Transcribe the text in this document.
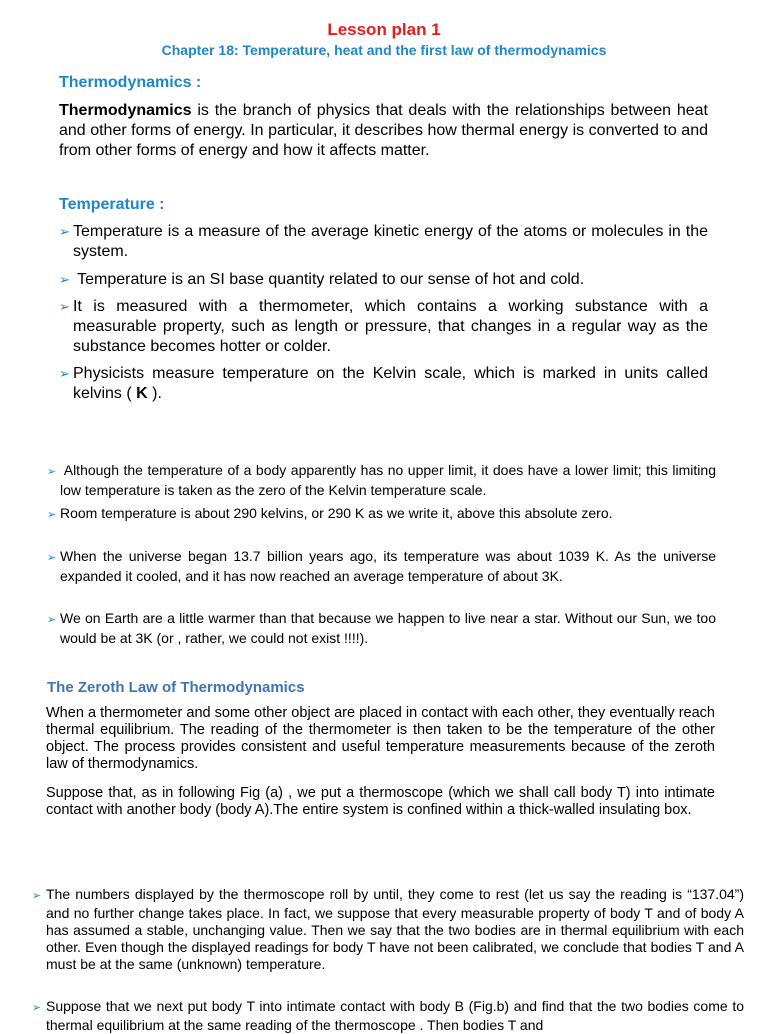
Lesson plan 1
Chapter 18: Temperature, heat and the first law of thermodynamics
Thermodynamics :
Thermodynamics is the branch of physics that deals with the relationships between heat and other forms of energy. In particular, it describes how thermal energy is converted to and from other forms of energy and how it affects matter.
Temperature :
➢ Temperature is a measure of the average kinetic energy of the atoms or molecules in the system.
➢ Temperature is an SI base quantity related to our sense of hot and cold.
➢ It is measured with a thermometer, which contains a working substance with a measurable property, such as length or pressure, that changes in a regular way as the substance becomes hotter or colder.
➢ Physicists measure temperature on the Kelvin scale, which is marked in units called kelvins ( K ).
➢ Although the temperature of a body apparently has no upper limit, it does have a lower limit; this limiting low temperature is taken as the zero of the Kelvin temperature scale.
➢ Room temperature is about 290 kelvins, or 290 K as we write it, above this absolute zero.
➢ When the universe began 13.7 billion years ago, its temperature was about 1039 K. As the universe expanded it cooled, and it has now reached an average temperature of about 3K.
➢ We on Earth are a little warmer than that because we happen to live near a star. Without our Sun, we too would be at 3K (or , rather, we could not exist !!!!).
The Zeroth Law of Thermodynamics
When a thermometer and some other object are placed in contact with each other, they eventually reach thermal equilibrium. The reading of the thermometer is then taken to be the temperature of the other object. The process provides consistent and useful temperature measurements because of the zeroth law of thermodynamics.
Suppose that, as in following Fig (a) , we put a thermoscope (which we shall call body T) into intimate contact with another body (body A).The entire system is confined within a thick-walled insulating box.
➢ The numbers displayed by the thermoscope roll by until, they come to rest (let us say the reading is “137.04”) and no further change takes place. In fact, we suppose that every measurable property of body T and of body A has assumed a stable, unchanging value. Then we say that the two bodies are in thermal equilibrium with each other. Even though the displayed readings for body T have not been calibrated, we conclude that bodies T and A must be at the same (unknown) temperature.
➢ Suppose that we next put body T into intimate contact with body B (Fig.b) and find that the two bodies come to thermal equilibrium at the same reading of the thermoscope . Then bodies T and
